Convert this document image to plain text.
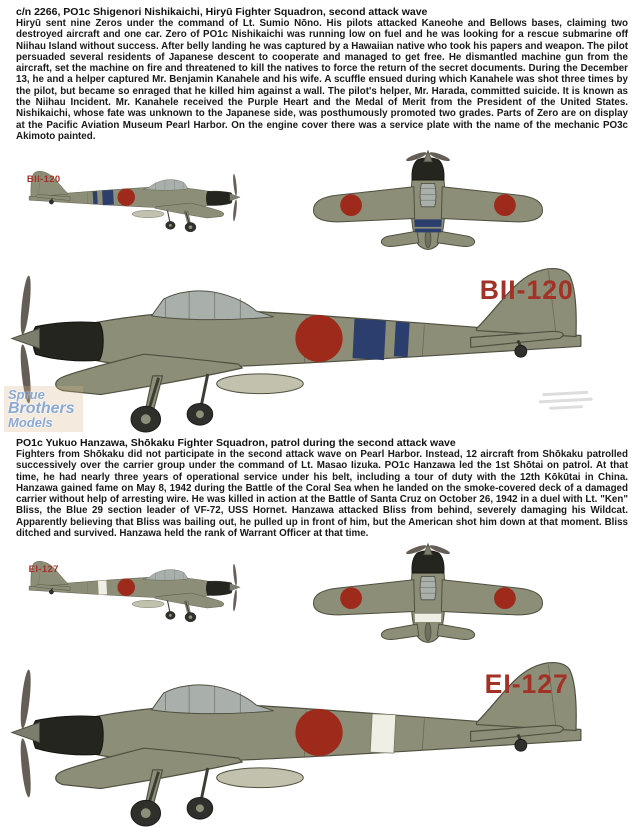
c/n 2266, PO1c Shigenori Nishikaichi, Hiryū Fighter Squadron, second attack wave

Hiryū sent nine Zeros under the command of Lt. Sumio Nōno. His pilots attacked Kaneohe and Bellows bases, claiming two destroyed aircraft and one car. Zero of PO1c Nishikaichi was running low on fuel and he was looking for a rescue submarine off Niihau Island without success. After belly landing he was captured by a Hawaiian native who took his papers and weapon. The pilot persuaded several residents of Japanese descent to cooperate and managed to get free. He dismantled machine gun from the aircraft, set the machine on fire and threatened to kill the natives to force the return of the secret documents. During the December 13, he and a helper captured Mr. Benjamin Kanahele and his wife. A scuffle ensued during which Kanahele was shot three times by the pilot, but became so enraged that he killed him against a wall. The pilot's helper, Mr. Harada, committed suicide. It is known as the Niihau Incident. Mr. Kanahele received the Purple Heart and the Medal of Merit from the President of the United States. Nishikaichi, whose fate was unknown to the Japanese side, was posthumously promoted two grades. Parts of Zero are on display at the Pacific Aviation Museum Pearl Harbor. On the engine cover there was a service plate with the name of the mechanic PO3c Akimoto painted.

BII-120
BII-120
Sprue
Brothers
Models
PO1c Yukuo Hanzawa, Shōkaku Fighter Squadron, patrol during the second attack wave

Fighters from Shōkaku did not participate in the second attack wave on Pearl Harbor. Instead, 12 aircraft from Shōkaku patrolled successively over the carrier group under the command of Lt. Masao Iizuka. PO1c Hanzawa led the 1st Shōtai on patrol. At that time, he had nearly three years of operational service under his belt, including a tour of duty with the 12th Kōkūtai in China. Hanzawa gained fame on May 8, 1942 during the Battle of the Coral Sea when he landed on the smoke-covered deck of a damaged carrier without help of arresting wire. He was killed in action at the Battle of Santa Cruz on October 26, 1942 in a duel with Lt. "Ken" Bliss, the Blue 29 section leader of VF-72, USS Hornet. Hanzawa attacked Bliss from behind, severely damaging his Wildcat. Apparently believing that Bliss was bailing out, he pulled up in front of him, but the American shot him down at that moment. Bliss ditched and survived. Hanzawa held the rank of Warrant Officer at that time.

EI-127
EI-127
